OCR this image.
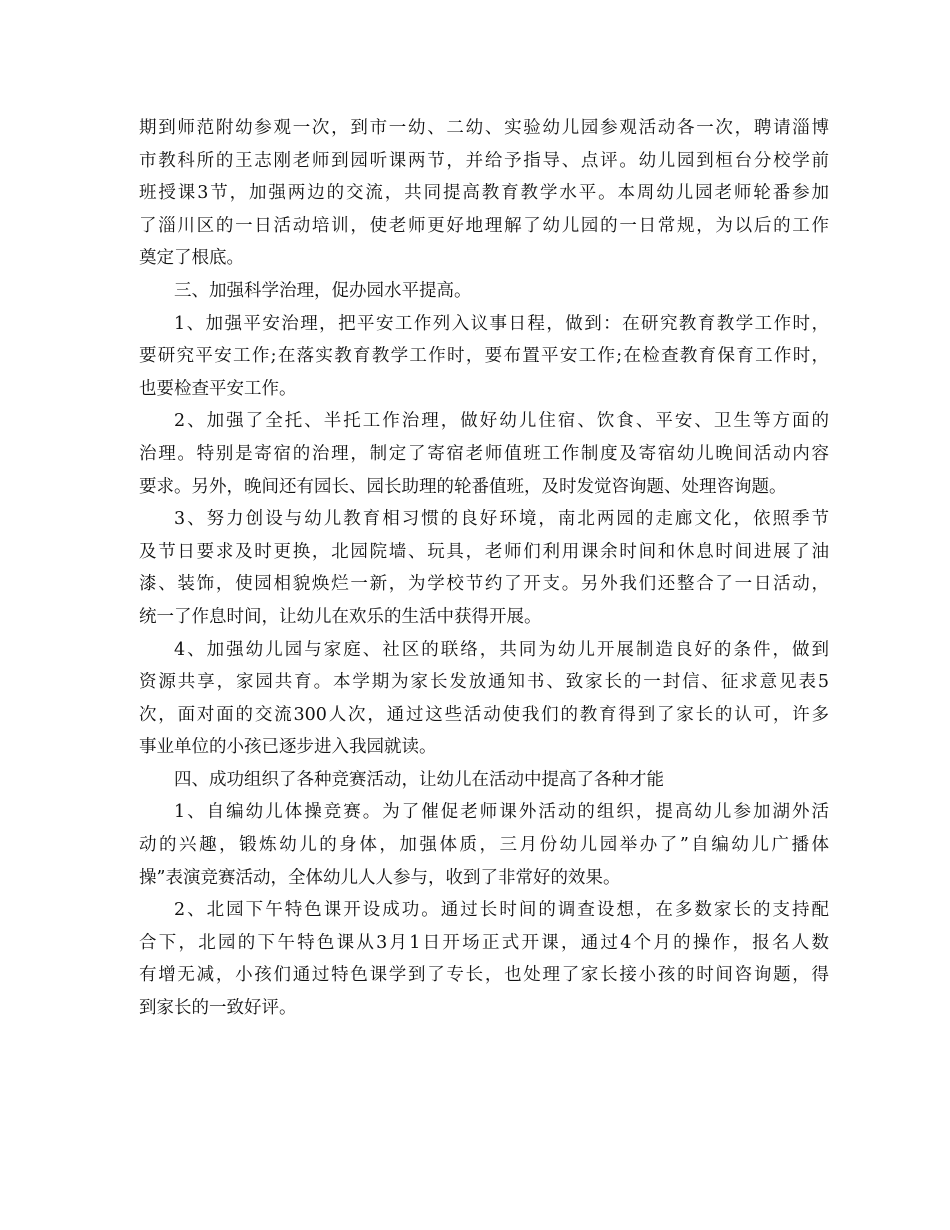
期到师范附幼参观一次，到市一幼、二幼、实验幼儿园参观活动各一次，聘请淄博
市教科所的王志刚老师到园听课两节，并给予指导、点评。幼儿园到桓台分校学前
班授课3节，加强两边的交流，共同提高教育教学水平。本周幼儿园老师轮番参加
了淄川区的一日活动培训，使老师更好地理解了幼儿园的一日常规，为以后的工作
奠定了根底。
三、加强科学治理，促办园水平提高。
1、加强平安治理，把平安工作列入议事日程，做到：在研究教育教学工作时，
要研究平安工作;在落实教育教学工作时，要布置平安工作;在检查教育保育工作时，
也要检查平安工作。
2、加强了全托、半托工作治理，做好幼儿住宿、饮食、平安、卫生等方面的
治理。特别是寄宿的治理，制定了寄宿老师值班工作制度及寄宿幼儿晚间活动内容
要求。另外，晚间还有园长、园长助理的轮番值班，及时发觉咨询题、处理咨询题。
3、努力创设与幼儿教育相习惯的良好环境，南北两园的走廊文化，依照季节
及节日要求及时更换，北园院墙、玩具，老师们利用课余时间和休息时间进展了油
漆、装饰，使园相貌焕烂一新，为学校节约了开支。另外我们还整合了一日活动，
统一了作息时间，让幼儿在欢乐的生活中获得开展。
4、加强幼儿园与家庭、社区的联络，共同为幼儿开展制造良好的条件，做到
资源共享，家园共育。本学期为家长发放通知书、致家长的一封信、征求意见表5
次，面对面的交流300人次，通过这些活动使我们的教育得到了家长的认可，许多
事业单位的小孩已逐步进入我园就读。
四、成功组织了各种竞赛活动，让幼儿在活动中提高了各种才能
1、自编幼儿体操竞赛。为了催促老师课外活动的组织，提高幼儿参加湖外活
动的兴趣，锻炼幼儿的身体，加强体质，三月份幼儿园举办了”自编幼儿广播体
操”表演竞赛活动，全体幼儿人人参与，收到了非常好的效果。
2、北园下午特色课开设成功。通过长时间的调查设想，在多数家长的支持配
合下，北园的下午特色课从3月1日开场正式开课，通过4个月的操作，报名人数
有增无减，小孩们通过特色课学到了专长，也处理了家长接小孩的时间咨询题，得
到家长的一致好评。
